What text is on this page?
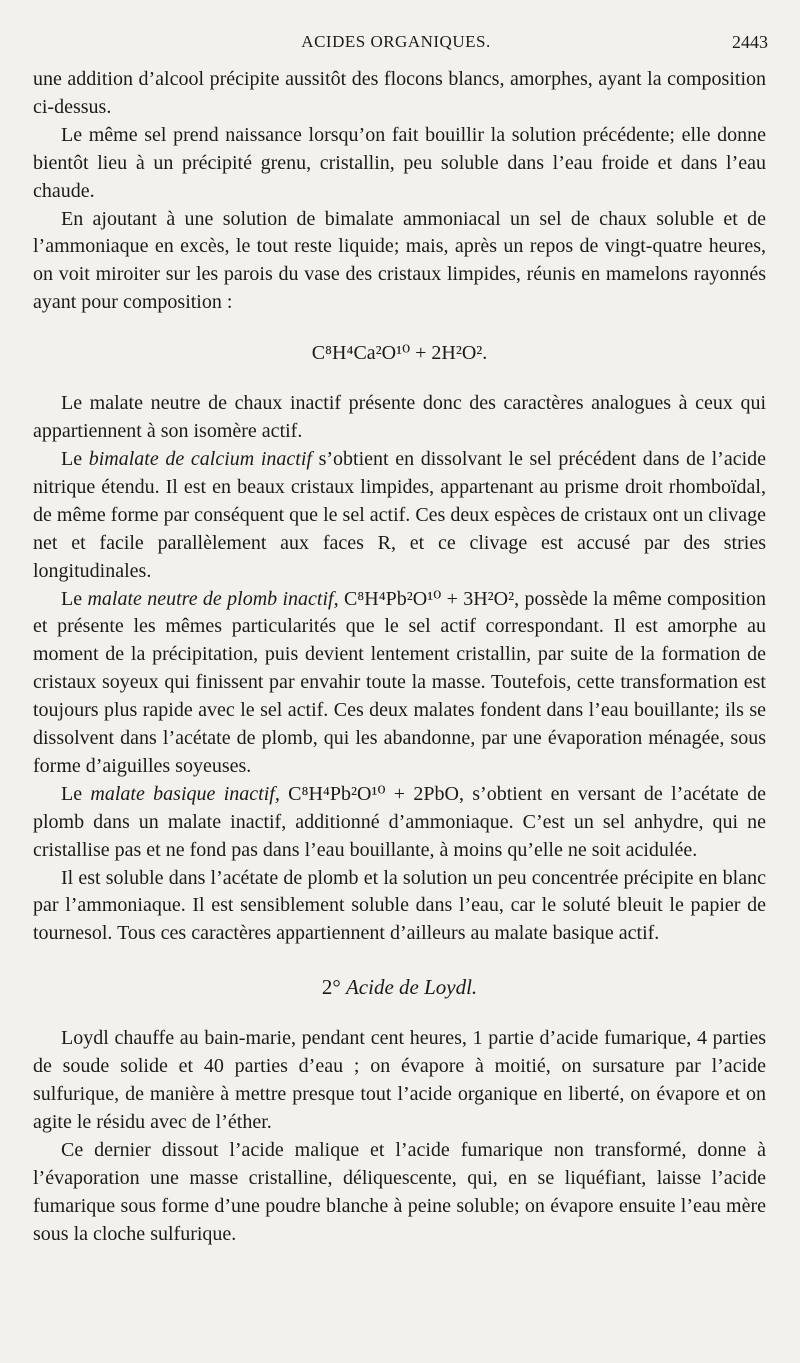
ACIDES ORGANIQUES.	2443

une addition d’alcool précipite aussitôt des flocons blancs, amorphes, ayant la composition ci-dessus.

Le même sel prend naissance lorsqu’on fait bouillir la solution précédente; elle donne bientôt lieu à un précipité grenu, cristallin, peu soluble dans l’eau froide et dans l’eau chaude.

En ajoutant à une solution de bimalate ammoniacal un sel de chaux soluble et de l’ammoniaque en excès, le tout reste liquide; mais, après un repos de vingt-quatre heures, on voit miroiter sur les parois du vase des cristaux limpides, réunis en mamelons rayonnés ayant pour composition :

C⁸H⁴Ca²O¹⁰ + 2H²O².

Le malate neutre de chaux inactif présente donc des caractères analogues à ceux qui appartiennent à son isomère actif.

Le bimalate de calcium inactif s’obtient en dissolvant le sel précédent dans de l’acide nitrique étendu. Il est en beaux cristaux limpides, appartenant au prisme droit rhomboïdal, de même forme par conséquent que le sel actif. Ces deux espèces de cristaux ont un clivage net et facile parallèlement aux faces R, et ce clivage est accusé par des stries longitudinales.

Le malate neutre de plomb inactif, C⁸H⁴Pb²O¹⁰ + 3H²O², possède la même composition et présente les mêmes particularités que le sel actif correspondant. Il est amorphe au moment de la précipitation, puis devient lentement cristallin, par suite de la formation de cristaux soyeux qui finissent par envahir toute la masse. Toutefois, cette transformation est toujours plus rapide avec le sel actif. Ces deux malates fondent dans l’eau bouillante; ils se dissolvent dans l’acétate de plomb, qui les abandonne, par une évaporation ménagée, sous forme d’aiguilles soyeuses.

Le malate basique inactif, C⁸H⁴Pb²O¹⁰ + 2PbO, s’obtient en versant de l’acétate de plomb dans un malate inactif, additionné d’ammoniaque. C’est un sel anhydre, qui ne cristallise pas et ne fond pas dans l’eau bouillante, à moins qu’elle ne soit acidulée.

Il est soluble dans l’acétate de plomb et la solution un peu concentrée précipite en blanc par l’ammoniaque. Il est sensiblement soluble dans l’eau, car le soluté bleuit le papier de tournesol. Tous ces caractères appartiennent d’ailleurs au malate basique actif.

2° Acide de Loydl.

Loydl chauffe au bain-marie, pendant cent heures, 1 partie d’acide fumarique, 4 parties de soude solide et 40 parties d’eau ; on évapore à moitié, on sursature par l’acide sulfurique, de manière à mettre presque tout l’acide organique en liberté, on évapore et on agite le résidu avec de l’éther.

Ce dernier dissout l’acide malique et l’acide fumarique non transformé, donne à l’évaporation une masse cristalline, déliquescente, qui, en se liquéfiant, laisse l’acide fumarique sous forme d’une poudre blanche à peine soluble; on évapore ensuite l’eau mère sous la cloche sulfurique.
